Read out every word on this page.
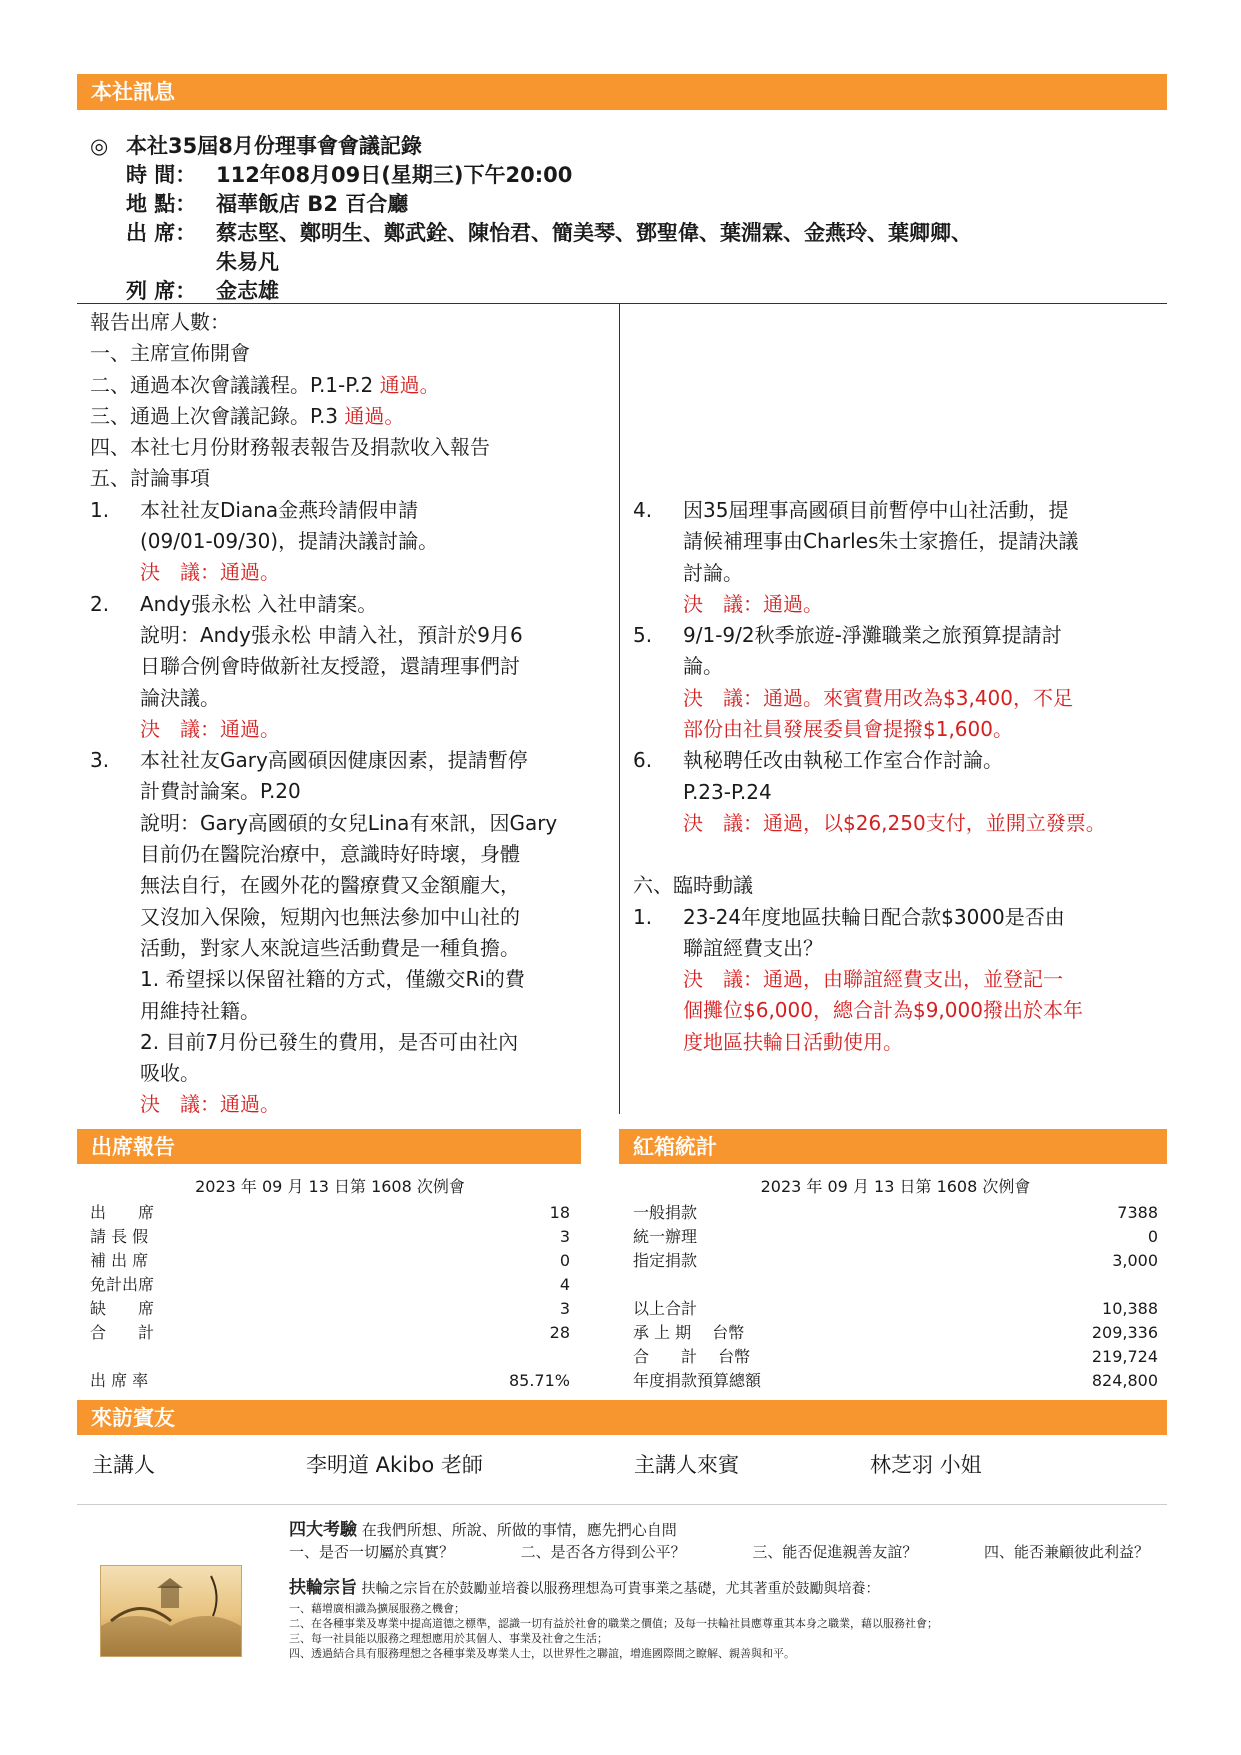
本社訊息
◎ 本社35屆8月份理事會會議記錄
時 間： 112年08月09日(星期三)下午20:00
地 點： 福華飯店 B2 百合廳
出 席： 蔡志堅、鄭明生、鄭武銓、陳怡君、簡美琴、鄧聖偉、葉淵霖、金燕玲、葉卿卿、
朱易凡
列 席： 金志雄
報告出席人數：
一、主席宣佈開會
二、通過本次會議議程。P.1-P.2 通過。
三、通過上次會議記錄。P.3 通過。
四、本社七月份財務報表報告及捐款收入報告
五、討論事項
1.	本社社友Diana金燕玲請假申請
(09/01-09/30)，提請決議討論。
決　議：通過。
2.	Andy張永松 入社申請案。
說明：Andy張永松 申請入社，預計於9月6
日聯合例會時做新社友授證，還請理事們討
論決議。
決　議：通過。
3.	本社社友Gary高國碩因健康因素，提請暫停
計費討論案。P.20
說明：Gary高國碩的女兒Lina有來訊，因Gary
目前仍在醫院治療中，意識時好時壞，身體
無法自行，在國外花的醫療費又金額龐大，
又沒加入保險，短期內也無法參加中山社的
活動，對家人來說這些活動費是一種負擔。
1. 希望採以保留社籍的方式，僅繳交Ri的費
用維持社籍。
2. 目前7月份已發生的費用，是否可由社內
吸收。
決　議：通過。
4.	因35屆理事高國碩目前暫停中山社活動，提
請候補理事由Charles朱士家擔任，提請決議
討論。
決　議：通過。
5.	9/1-9/2秋季旅遊-淨灘職業之旅預算提請討
論。
決　議：通過。來賓費用改為$3,400，不足
部份由社員發展委員會提撥$1,600。
6.	執秘聘任改由執秘工作室合作討論。
P.23-P.24
決　議：通過，以$26,250支付，並開立發票。
六、臨時動議
1.	23-24年度地區扶輪日配合款$3000是否由
聯誼經費支出？
決　議：通過，由聯誼經費支出，並登記一
個攤位$6,000，總合計為$9,000撥出於本年
度地區扶輪日活動使用。
出席報告	紅箱統計
2023 年 09 月 13 日第 1608 次例會
出　　席	18
請 長 假	3
補 出 席	0
免計出席	4
缺　　席	3
合　　計	28
出 席 率	85.71%
2023 年 09 月 13 日第 1608 次例會
一般捐款	7388
統一辦理	0
指定捐款	3,000
以上合計	10,388
承 上 期　 台幣	209,336
合　　計　 台幣	219,724
年度捐款預算總額	824,800
來訪賓友
主講人	李明道 Akibo 老師	主講人來賓	林芝羽 小姐
四大考驗 在我們所想、所說、所做的事情，應先捫心自問
一、是否一切屬於真實？	二、是否各方得到公平？	三、能否促進親善友誼？	四、能否兼顧彼此利益？
扶輪宗旨 扶輪之宗旨在於鼓勵並培養以服務理想為可貴事業之基礎，尤其著重於鼓勵與培養：
一、藉增廣相識為擴展服務之機會；
二、在各種事業及專業中提高道德之標準，認識一切有益於社會的職業之價值；及每一扶輪社員應尊重其本身之職業，藉以服務社會；
三、每一社員能以服務之理想應用於其個人、事業及社會之生活；
四、透過結合具有服務理想之各種事業及專業人士，以世界性之聯誼，增進國際間之瞭解、親善與和平。
